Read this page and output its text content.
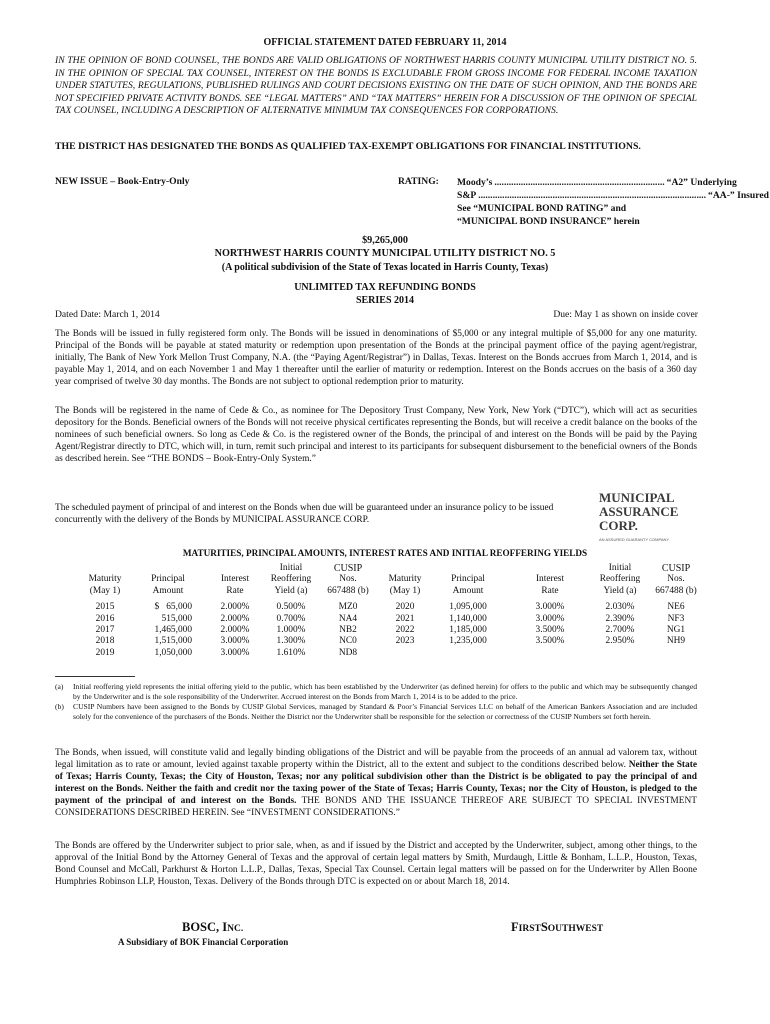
OFFICIAL STATEMENT DATED FEBRUARY 11, 2014
IN THE OPINION OF BOND COUNSEL, THE BONDS ARE VALID OBLIGATIONS OF NORTHWEST HARRIS COUNTY MUNICIPAL UTILITY DISTRICT NO. 5. IN THE OPINION OF SPECIAL TAX COUNSEL, INTEREST ON THE BONDS IS EXCLUDABLE FROM GROSS INCOME FOR FEDERAL INCOME TAXATION UNDER STATUTES, REGULATIONS, PUBLISHED RULINGS AND COURT DECISIONS EXISTING ON THE DATE OF SUCH OPINION, AND THE BONDS ARE NOT SPECIFIED PRIVATE ACTIVITY BONDS. SEE “LEGAL MATTERS” AND “TAX MATTERS” HEREIN FOR A DISCUSSION OF THE OPINION OF SPECIAL TAX COUNSEL, INCLUDING A DESCRIPTION OF ALTERNATIVE MINIMUM TAX CONSEQUENCES FOR CORPORATIONS.
THE DISTRICT HAS DESIGNATED THE BONDS AS QUALIFIED TAX-EXEMPT OBLIGATIONS FOR FINANCIAL INSTITUTIONS.
NEW ISSUE – Book-Entry-Only	RATING: Moody’s ....................................................................... “A2” Underlying
S&P ............................................................................................... “AA-” Insured
See “MUNICIPAL BOND RATING” and
“MUNICIPAL BOND INSURANCE” herein
$9,265,000
NORTHWEST HARRIS COUNTY MUNICIPAL UTILITY DISTRICT NO. 5
(A political subdivision of the State of Texas located in Harris County, Texas)
UNLIMITED TAX REFUNDING BONDS
SERIES 2014
Dated Date: March 1, 2014	Due: May 1 as shown on inside cover
The Bonds will be issued in fully registered form only. The Bonds will be issued in denominations of $5,000 or any integral multiple of $5,000 for any one maturity. Principal of the Bonds will be payable at stated maturity or redemption upon presentation of the Bonds at the principal payment office of the paying agent/registrar, initially, The Bank of New York Mellon Trust Company, N.A. (the “Paying Agent/Registrar”) in Dallas, Texas. Interest on the Bonds accrues from March 1, 2014, and is payable May 1, 2014, and on each November 1 and May 1 thereafter until the earlier of maturity or redemption. Interest on the Bonds accrues on the basis of a 360 day year comprised of twelve 30 day months. The Bonds are not subject to optional redemption prior to maturity.
The Bonds will be registered in the name of Cede & Co., as nominee for The Depository Trust Company, New York, New York (“DTC”), which will act as securities depository for the Bonds. Beneficial owners of the Bonds will not receive physical certificates representing the Bonds, but will receive a credit balance on the books of the nominees of such beneficial owners. So long as Cede & Co. is the registered owner of the Bonds, the principal of and interest on the Bonds will be paid by the Paying Agent/Registrar directly to DTC, which will, in turn, remit such principal and interest to its participants for subsequent disbursement to the beneficial owners of the Bonds as described herein. See “THE BONDS – Book-Entry-Only System.”
The scheduled payment of principal of and interest on the Bonds when due will be guaranteed under an insurance policy to be issued concurrently with the delivery of the Bonds by MUNICIPAL ASSURANCE CORP.
MUNICIPAL
ASSURANCE
CORP.
AN ASSURED GUARANTY COMPANY
MATURITIES, PRINCIPAL AMOUNTS, INTEREST RATES AND INITIAL REOFFERING YIELDS
			Initial	CUSIP
Maturity	Principal	Interest	Reoffering	Nos.
(May 1)	Amount	Rate	Yield (a)	667488 (b)

2015	$   65,000	2.000%	0.500%	MZ0
2016	515,000	2.000%	0.700%	NA4
2017	1,465,000	2.000%	1.000%	NB2
2018	1,515,000	3.000%	1.300%	NC0
2019	1,050,000	3.000%	1.610%	ND8
			Initial	CUSIP
Maturity	Principal	Interest	Reoffering	Nos.
(May 1)	Amount	Rate	Yield (a)	667488 (b)

2020	1,095,000	3.000%	2.030%	NE6
2021	1,140,000	3.000%	2.390%	NF3
2022	1,185,000	3.500%	2.700%	NG1
2023	1,235,000	3.500%	2.950%	NH9
(a)	Initial reoffering yield represents the initial offering yield to the public, which has been established by the Underwriter (as defined herein) for offers to the public and which may be subsequently changed by the Underwriter and is the sole responsibility of the Underwriter. Accrued interest on the Bonds from March 1, 2014 is to be added to the price.
(b)	CUSIP Numbers have been assigned to the Bonds by CUSIP Global Services, managed by Standard & Poor’s Financial Services LLC on behalf of the American Bankers Association and are included solely for the convenience of the purchasers of the Bonds. Neither the District nor the Underwriter shall be responsible for the selection or correctness of the CUSIP Numbers set forth herein.
The Bonds, when issued, will constitute valid and legally binding obligations of the District and will be payable from the proceeds of an annual ad valorem tax, without legal limitation as to rate or amount, levied against taxable property within the District, all to the extent and subject to the conditions described below. Neither the State of Texas; Harris County, Texas; the City of Houston, Texas; nor any political subdivision other than the District is be obligated to pay the principal of and interest on the Bonds. Neither the faith and credit nor the taxing power of the State of Texas; Harris County, Texas; nor the City of Houston, is pledged to the payment of the principal of and interest on the Bonds. THE BONDS AND THE ISSUANCE THEREOF ARE SUBJECT TO SPECIAL INVESTMENT CONSIDERATIONS DESCRIBED HEREIN. See “INVESTMENT CONSIDERATIONS.”
The Bonds are offered by the Underwriter subject to prior sale, when, as and if issued by the District and accepted by the Underwriter, subject, among other things, to the approval of the Initial Bond by the Attorney General of Texas and the approval of certain legal matters by Smith, Murdaugh, Little & Bonham, L.L.P., Houston, Texas, Bond Counsel and McCall, Parkhurst & Horton L.L.P., Dallas, Texas, Special Tax Counsel. Certain legal matters will be passed on for the Underwriter by Allen Boone Humphries Robinson LLP, Houston, Texas. Delivery of the Bonds through DTC is expected on or about March 18, 2014.
BOSC, INC.
A Subsidiary of BOK Financial Corporation
FIRSTSOUTHWEST
